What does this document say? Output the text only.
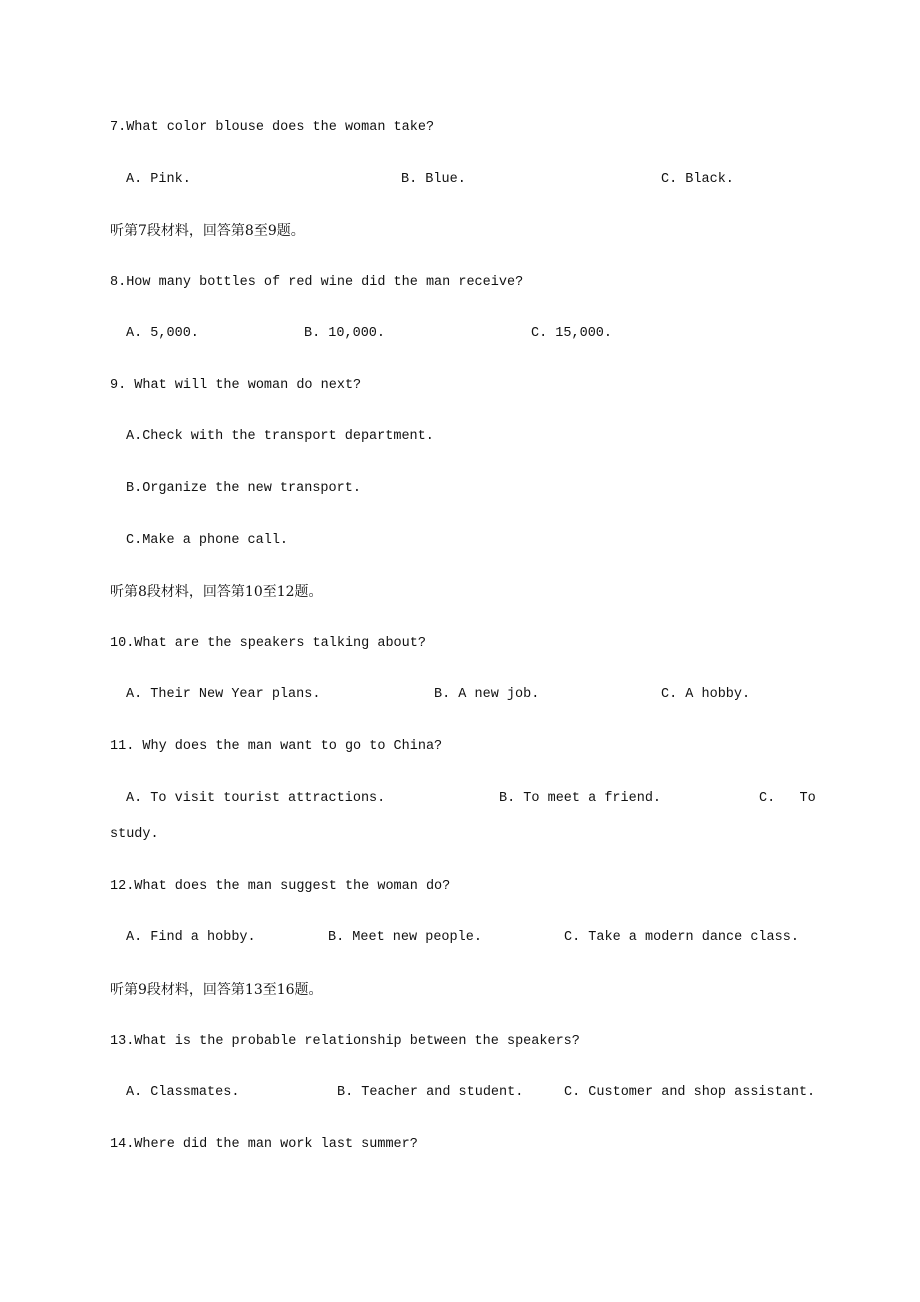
7.What color blouse does the woman take?
A. Pink.	B. Blue.	C. Black.
听第7段材料，回答第8至9题。
8.How many bottles of red wine did the man receive?
A. 5,000.	B. 10,000.	C. 15,000.
9. What will the woman do next?
A.Check with the transport department.
B.Organize the new transport.
C.Make a phone call.
听第8段材料，回答第10至12题。
10.What are the speakers talking about?
A. Their New Year plans.	B. A new job.	C. A hobby.
11. Why does the man want to go to China?
A. To visit tourist attractions.	B. To meet a friend.	C.   To
study.
12.What does the man suggest the woman do?
A. Find a hobby.	B. Meet new people.	C. Take a modern dance class.
听第9段材料，回答第13至16题。
13.What is the probable relationship between the speakers?
A. Classmates.	B. Teacher and student.	C. Customer and shop assistant.
14.Where did the man work last summer?
